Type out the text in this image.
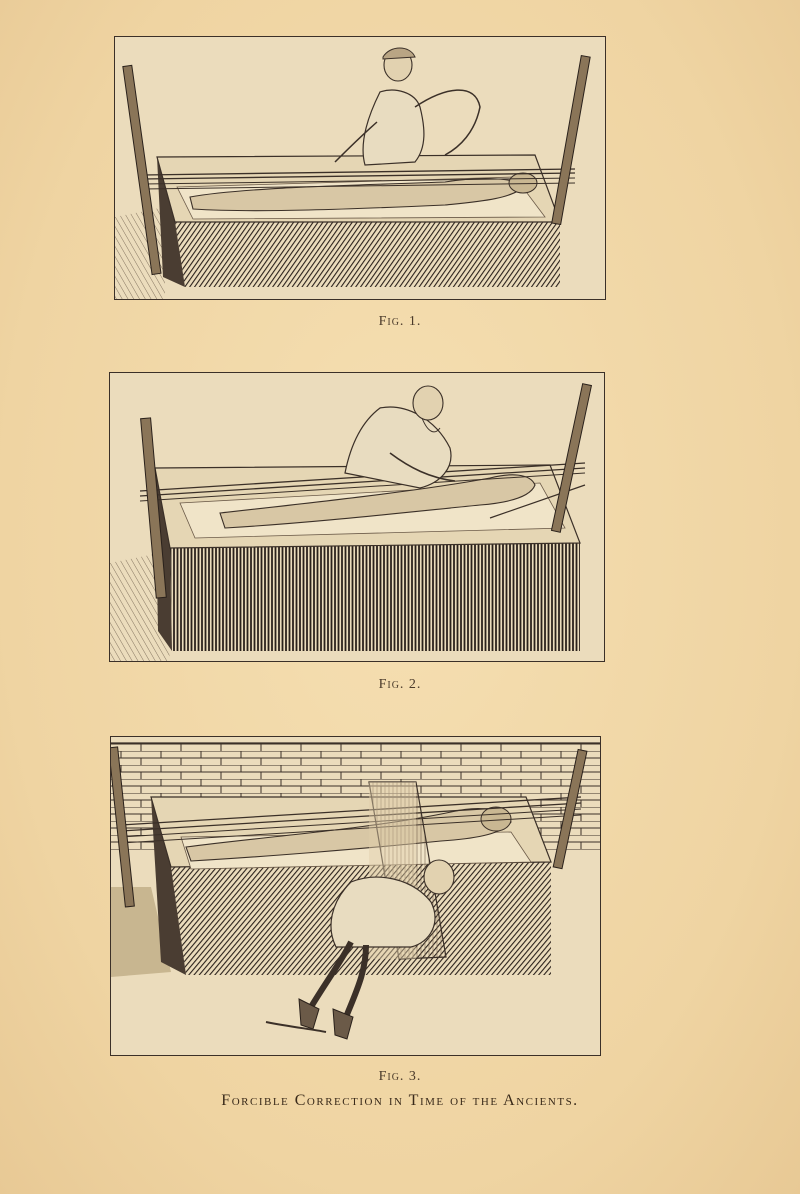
Fig. 1.
Fig. 2.
Fig. 3.
Forcible Correction in Time of the Ancients.
